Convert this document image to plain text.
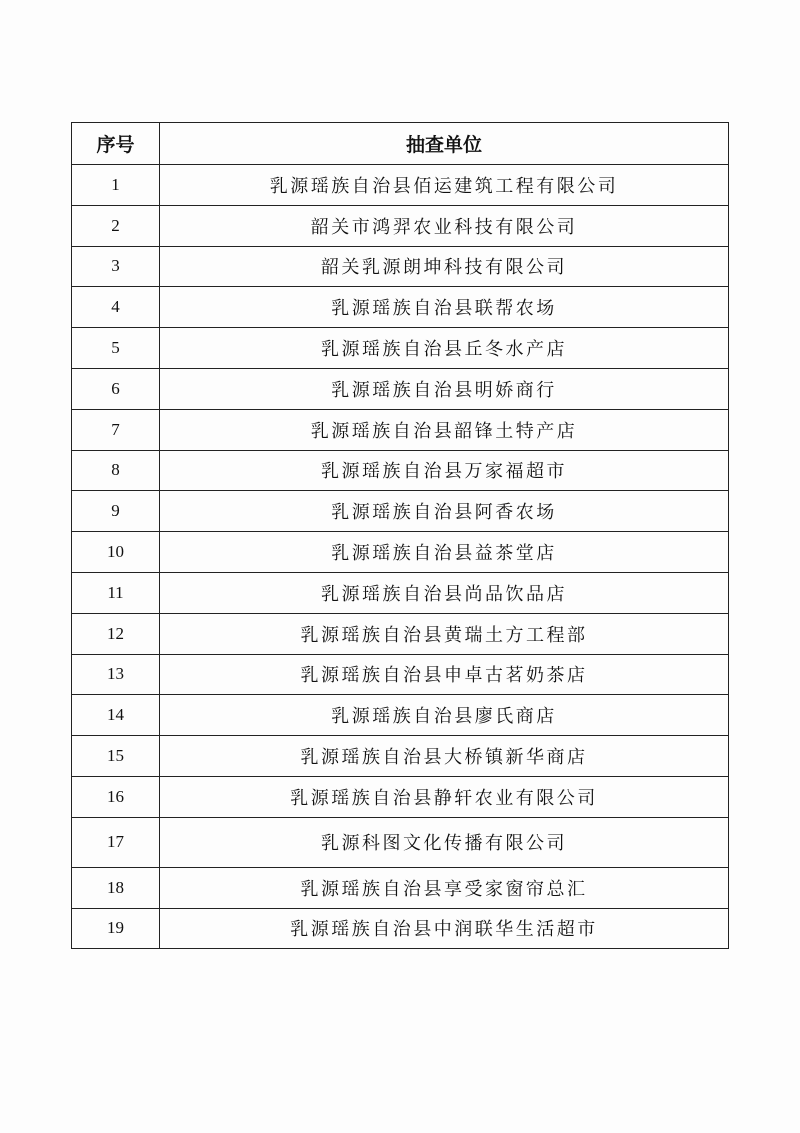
序号	抽查单位
1	乳源瑶族自治县佰运建筑工程有限公司
2	韶关市鸿羿农业科技有限公司
3	韶关乳源朗坤科技有限公司
4	乳源瑶族自治县联帮农场
5	乳源瑶族自治县丘冬水产店
6	乳源瑶族自治县明娇商行
7	乳源瑶族自治县韶锋土特产店
8	乳源瑶族自治县万家福超市
9	乳源瑶族自治县阿香农场
10	乳源瑶族自治县益茶堂店
11	乳源瑶族自治县尚品饮品店
12	乳源瑶族自治县黄瑞土方工程部
13	乳源瑶族自治县申卓古茗奶茶店
14	乳源瑶族自治县廖氏商店
15	乳源瑶族自治县大桥镇新华商店
16	乳源瑶族自治县静轩农业有限公司
17	乳源科图文化传播有限公司
18	乳源瑶族自治县享受家窗帘总汇
19	乳源瑶族自治县中润联华生活超市
